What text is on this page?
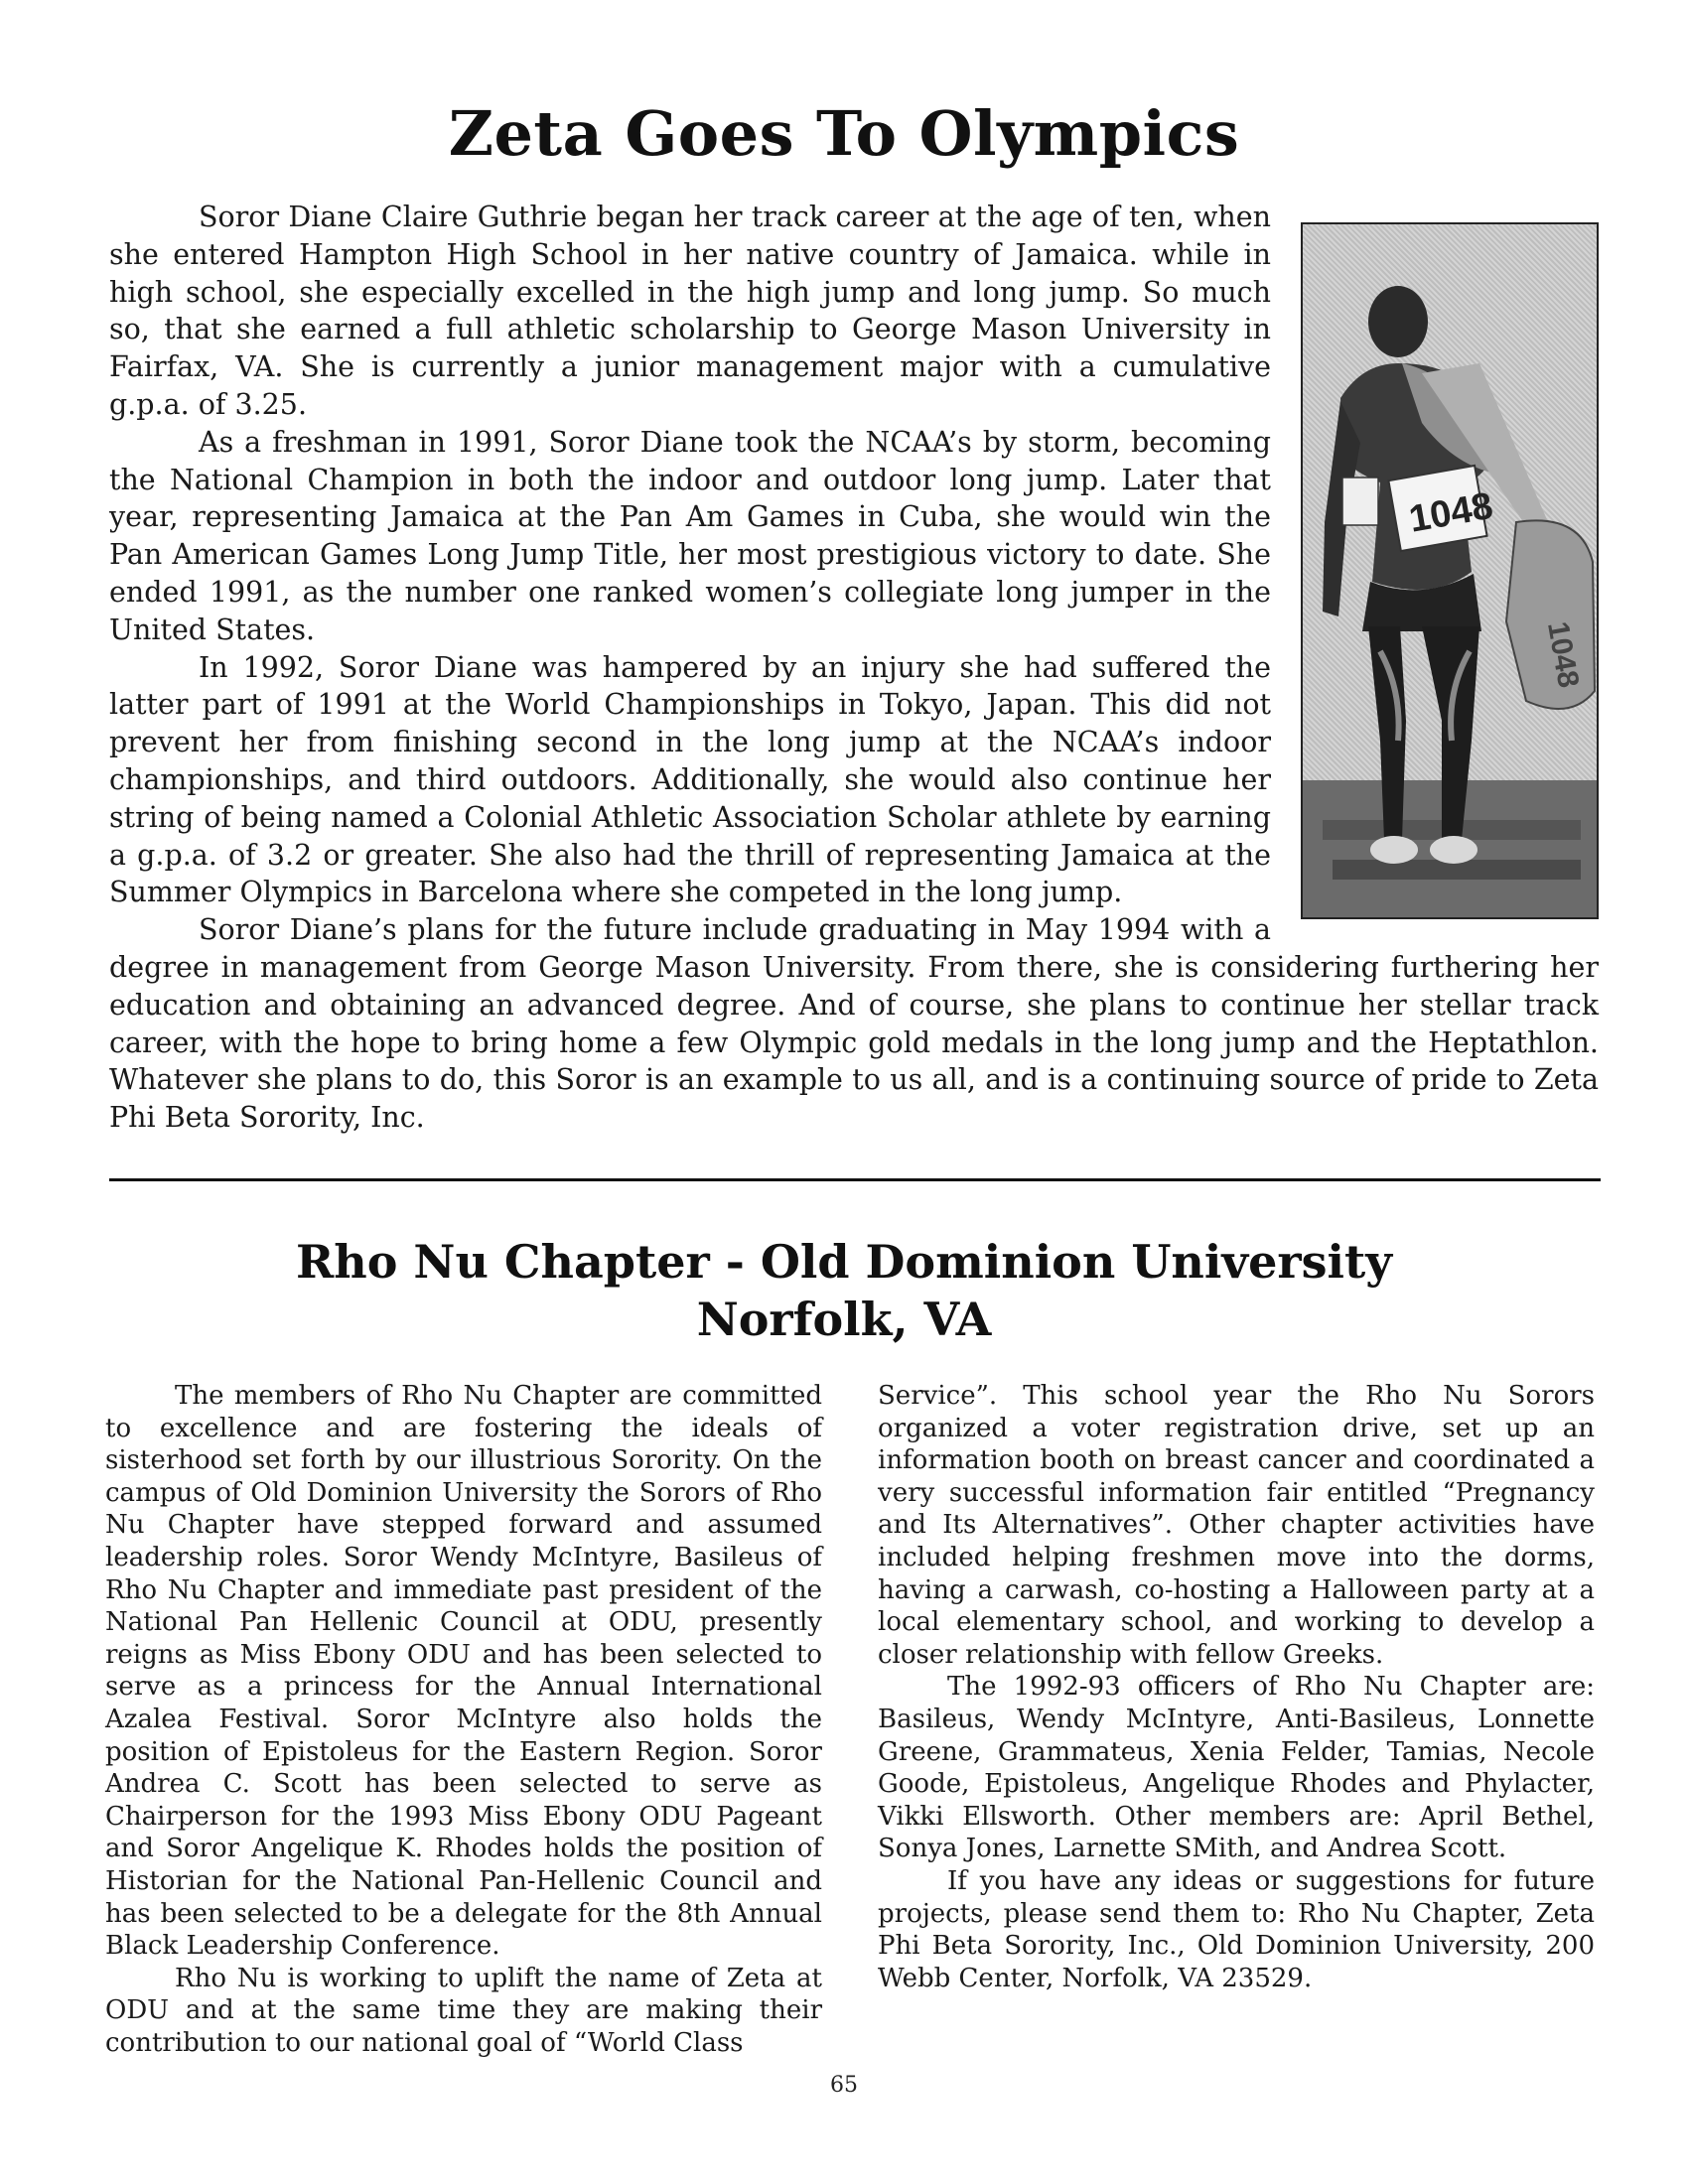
Zeta Goes To Olympics
1048
1048

Soror Diane Claire Guthrie began her track career at the age of ten, when she entered Hampton High School in her native country of Jamaica. while in high school, she especially excelled in the high jump and long jump. So much so, that she earned a full athletic scholarship to George Mason University in Fairfax, VA. She is currently a junior management major with a cumulative g.p.a. of 3.25.

As a freshman in 1991, Soror Diane took the NCAA’s by storm, becoming the National Champion in both the indoor and outdoor long jump. Later that year, representing Jamaica at the Pan Am Games in Cuba, she would win the Pan American Games Long Jump Title, her most prestigious victory to date. She ended 1991, as the number one ranked women’s collegiate long jumper in the United States.

In 1992, Soror Diane was hampered by an injury she had suffered the latter part of 1991 at the World Championships in Tokyo, Japan. This did not prevent her from finishing second in the long jump at the NCAA’s indoor championships, and third outdoors. Additionally, she would also continue her string of being named a Colonial Athletic Association Scholar athlete by earning a g.p.a. of 3.2 or greater. She also had the thrill of representing Jamaica at the Summer Olympics in Barcelona where she competed in the long jump.

Soror Diane’s plans for the future include graduating in May 1994 with a degree in management from George Mason University. From there, she is considering furthering her education and obtaining an advanced degree. And of course, she plans to continue her stellar track career, with the hope to bring home a few Olympic gold medals in the long jump and the Heptathlon. Whatever she plans to do, this Soror is an example to us all, and is a continuing source of pride to Zeta Phi Beta Sorority, Inc.

Rho Nu Chapter - Old Dominion University
Norfolk, VA

The members of Rho Nu Chapter are committed to excellence and are fostering the ideals of sisterhood set forth by our illustrious Sorority. On the campus of Old Dominion University the Sorors of Rho Nu Chapter have stepped forward and assumed leadership roles. Soror Wendy McIntyre, Basileus of Rho Nu Chapter and immediate past president of the National Pan Hellenic Council at ODU, presently reigns as Miss Ebony ODU and has been selected to serve as a princess for the Annual International Azalea Festival. Soror McIntyre also holds the position of Epistoleus for the Eastern Region. Soror Andrea C. Scott has been selected to serve as Chairperson for the 1993 Miss Ebony ODU Pageant and Soror Angelique K. Rhodes holds the position of Historian for the National Pan-Hellenic Council and has been selected to be a delegate for the 8th Annual Black Leadership Conference.

Rho Nu is working to uplift the name of Zeta at ODU and at the same time they are making their contribution to our national goal of “World Class

Service”. This school year the Rho Nu Sorors organized a voter registration drive, set up an information booth on breast cancer and coordinated a very successful information fair entitled “Pregnancy and Its Alternatives”. Other chapter activities have included helping freshmen move into the dorms, having a carwash, co-hosting a Halloween party at a local elementary school, and working to develop a closer relationship with fellow Greeks.

The 1992-93 officers of Rho Nu Chapter are: Basileus, Wendy McIntyre, Anti-Basileus, Lonnette Greene, Grammateus, Xenia Felder, Tamias, Necole Goode, Epistoleus, Angelique Rhodes and Phylacter, Vikki Ellsworth. Other members are: April Bethel, Sonya Jones, Larnette SMith, and Andrea Scott.

If you have any ideas or suggestions for future projects, please send them to: Rho Nu Chapter, Zeta Phi Beta Sorority, Inc., Old Dominion University, 200 Webb Center, Norfolk, VA 23529.

65
